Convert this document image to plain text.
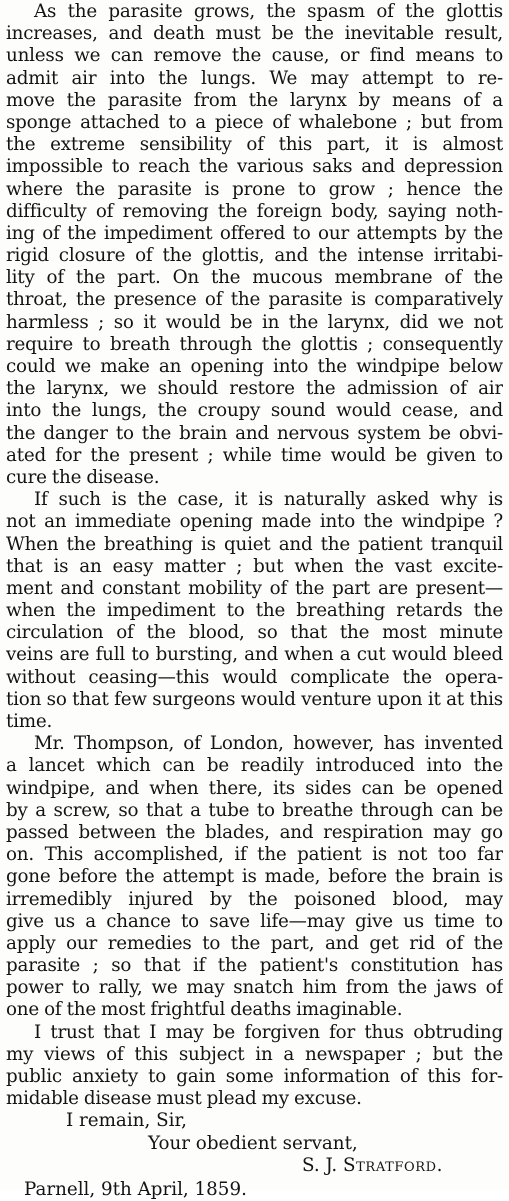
As the parasite grows, the spasm of the glottis
increases, and death must be the inevitable result,
unless we can remove the cause, or find means to
admit air into the lungs. We may attempt to re-
move the parasite from the larynx by means of a
sponge attached to a piece of whalebone ; but from
the extreme sensibility of this part, it is almost
impossible to reach the various saks and depression
where the parasite is prone to grow ; hence the
difficulty of removing the foreign body, saying noth-
ing of the impediment offered to our attempts by the
rigid closure of the glottis, and the intense irritabi-
lity of the part. On the mucous membrane of the
throat, the presence of the parasite is comparatively
harmless ; so it would be in the larynx, did we not
require to breath through the glottis ; consequently
could we make an opening into the windpipe below
the larynx, we should restore the admission of air
into the lungs, the croupy sound would cease, and
the danger to the brain and nervous system be obvi-
ated for the present ; while time would be given to
cure the disease.
If such is the case, it is naturally asked why is
not an immediate opening made into the windpipe ?
When the breathing is quiet and the patient tranquil
that is an easy matter ; but when the vast excite-
ment and constant mobility of the part are present—
when the impediment to the breathing retards the
circulation of the blood, so that the most minute
veins are full to bursting, and when a cut would bleed
without ceasing—this would complicate the opera-
tion so that few surgeons would venture upon it at this
time.
Mr. Thompson, of London, however, has invented
a lancet which can be readily introduced into the
windpipe, and when there, its sides can be opened
by a screw, so that a tube to breathe through can be
passed between the blades, and respiration may go
on. This accomplished, if the patient is not too far
gone before the attempt is made, before the brain is
irremedibly injured by the poisoned blood, may
give us a chance to save life—may give us time to
apply our remedies to the part, and get rid of the
parasite ; so that if the patient's constitution has
power to rally, we may snatch him from the jaws of
one of the most frightful deaths imaginable.
I trust that I may be forgiven for thus obtruding
my views of this subject in a newspaper ; but the
public anxiety to gain some information of this for-
midable disease must plead my excuse.
I remain, Sir,
Your obedient servant,
S. J. Stratford.
Parnell, 9th April, 1859.
